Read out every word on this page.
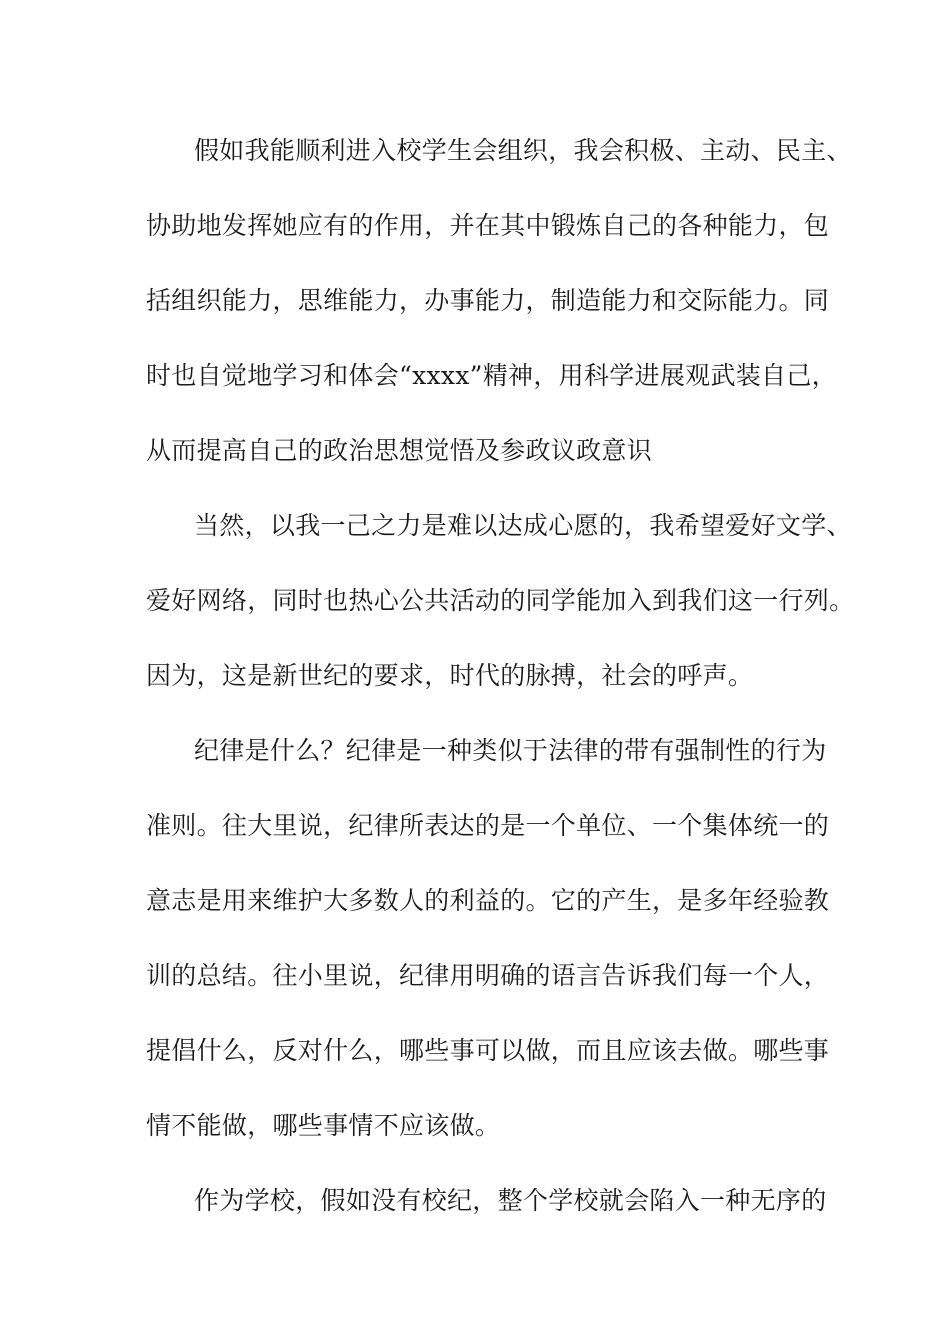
假如我能顺利进入校学生会组织，我会积极、主动、民主、
协助地发挥她应有的作用，并在其中锻炼自己的各种能力，包
括组织能力，思维能力，办事能力，制造能力和交际能力。同
时也自觉地学习和体会“xxxx”精神，用科学进展观武装自己，
从而提高自己的政治思想觉悟及参政议政意识
当然，以我一己之力是难以达成心愿的，我希望爱好文学、
爱好网络，同时也热心公共活动的同学能加入到我们这一行列。
因为，这是新世纪的要求，时代的脉搏，社会的呼声。
纪律是什么？纪律是一种类似于法律的带有强制性的行为
准则。往大里说，纪律所表达的是一个单位、一个集体统一的
意志是用来维护大多数人的利益的。它的产生，是多年经验教
训的总结。往小里说，纪律用明确的语言告诉我们每一个人，
提倡什么，反对什么，哪些事可以做，而且应该去做。哪些事
情不能做，哪些事情不应该做。
作为学校，假如没有校纪，整个学校就会陷入一种无序的
